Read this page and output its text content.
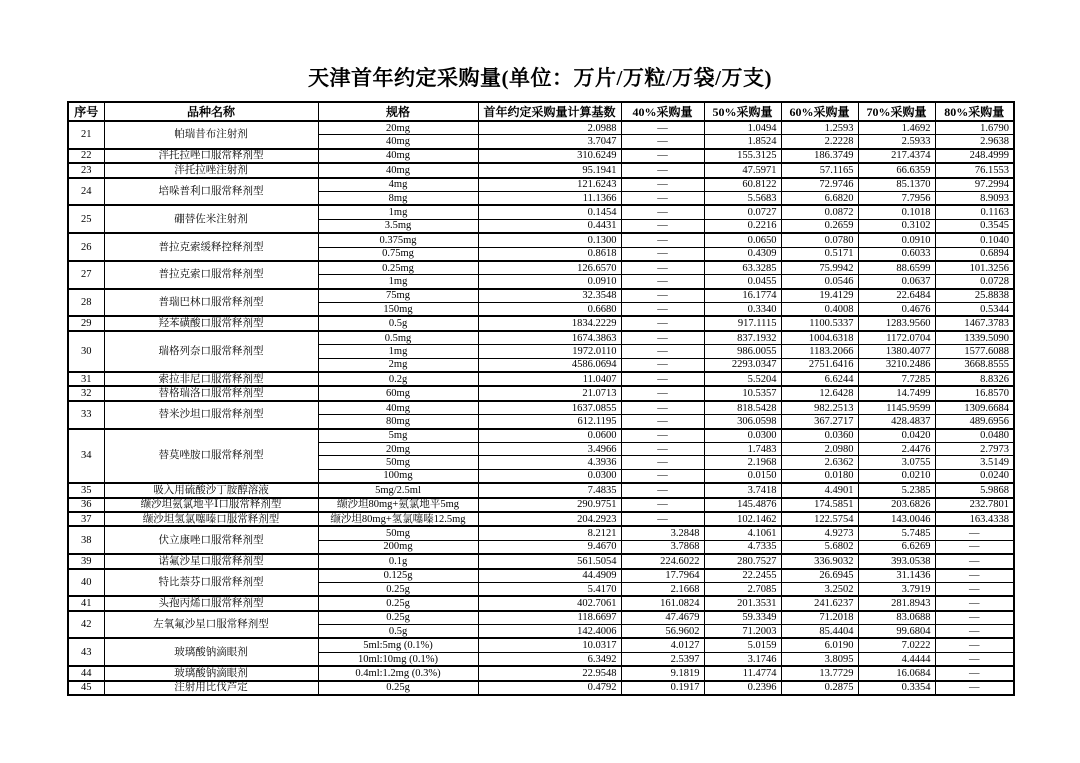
天津首年约定采购量(单位：万片/万粒/万袋/万支)
序号	品种名称	规格	首年约定采购量计算基数	40%采购量	50%采购量	60%采购量	70%采购量	80%采购量
21	帕瑞昔布注射剂	20mg	2.0988	—	1.0494	1.2593	1.4692	1.6790
		40mg	3.7047	—	1.8524	2.2228	2.5933	2.9638
22	泮托拉唑口服常释剂型	40mg	310.6249	—	155.3125	186.3749	217.4374	248.4999
23	泮托拉唑注射剂	40mg	95.1941	—	47.5971	57.1165	66.6359	76.1553
24	培哚普利口服常释剂型	4mg	121.6243	—	60.8122	72.9746	85.1370	97.2994
		8mg	11.1366	—	5.5683	6.6820	7.7956	8.9093
25	硼替佐米注射剂	1mg	0.1454	—	0.0727	0.0872	0.1018	0.1163
		3.5mg	0.4431	—	0.2216	0.2659	0.3102	0.3545
26	普拉克索缓释控释剂型	0.375mg	0.1300	—	0.0650	0.0780	0.0910	0.1040
		0.75mg	0.8618	—	0.4309	0.5171	0.6033	0.6894
27	普拉克索口服常释剂型	0.25mg	126.6570	—	63.3285	75.9942	88.6599	101.3256
		1mg	0.0910	—	0.0455	0.0546	0.0637	0.0728
28	普瑞巴林口服常释剂型	75mg	32.3548	—	16.1774	19.4129	22.6484	25.8838
		150mg	0.6680	—	0.3340	0.4008	0.4676	0.5344
29	羟苯磺酸口服常释剂型	0.5g	1834.2229	—	917.1115	1100.5337	1283.9560	1467.3783
30	瑞格列奈口服常释剂型	0.5mg	1674.3863	—	837.1932	1004.6318	1172.0704	1339.5090
		1mg	1972.0110	—	986.0055	1183.2066	1380.4077	1577.6088
		2mg	4586.0694	—	2293.0347	2751.6416	3210.2486	3668.8555
31	索拉非尼口服常释剂型	0.2g	11.0407	—	5.5204	6.6244	7.7285	8.8326
32	替格瑞洛口服常释剂型	60mg	21.0713	—	10.5357	12.6428	14.7499	16.8570
33	替米沙坦口服常释剂型	40mg	1637.0855	—	818.5428	982.2513	1145.9599	1309.6684
		80mg	612.1195	—	306.0598	367.2717	428.4837	489.6956
34	替莫唑胺口服常释剂型	5mg	0.0600	—	0.0300	0.0360	0.0420	0.0480
		20mg	3.4966	—	1.7483	2.0980	2.4476	2.7973
		50mg	4.3936	—	2.1968	2.6362	3.0755	3.5149
		100mg	0.0300	—	0.0150	0.0180	0.0210	0.0240
35	吸入用硫酸沙丁胺醇溶液	5mg/2.5ml	7.4835	—	3.7418	4.4901	5.2385	5.9868
36	缬沙坦氨氯地平Ⅰ口服常释剂型	缬沙坦80mg+氨氯地平5mg	290.9751	—	145.4876	174.5851	203.6826	232.7801
37	缬沙坦氢氯噻嗪口服常释剂型	缬沙坦80mg+氢氯噻嗪12.5mg	204.2923	—	102.1462	122.5754	143.0046	163.4338
38	伏立康唑口服常释剂型	50mg	8.2121	3.2848	4.1061	4.9273	5.7485	—
		200mg	9.4670	3.7868	4.7335	5.6802	6.6269	—
39	诺氟沙星口服常释剂型	0.1g	561.5054	224.6022	280.7527	336.9032	393.0538	—
40	特比萘芬口服常释剂型	0.125g	44.4909	17.7964	22.2455	26.6945	31.1436	—
		0.25g	5.4170	2.1668	2.7085	3.2502	3.7919	—
41	头孢丙烯口服常释剂型	0.25g	402.7061	161.0824	201.3531	241.6237	281.8943	—
42	左氧氟沙星口服常释剂型	0.25g	118.6697	47.4679	59.3349	71.2018	83.0688	—
		0.5g	142.4006	56.9602	71.2003	85.4404	99.6804	—
43	玻璃酸钠滴眼剂	5ml:5mg (0.1%)	10.0317	4.0127	5.0159	6.0190	7.0222	—
		10ml:10mg (0.1%)	6.3492	2.5397	3.1746	3.8095	4.4444	—
44	玻璃酸钠滴眼剂	0.4ml:1.2mg (0.3%)	22.9548	9.1819	11.4774	13.7729	16.0684	—
45	注射用比伐芦定	0.25g	0.4792	0.1917	0.2396	0.2875	0.3354	—
